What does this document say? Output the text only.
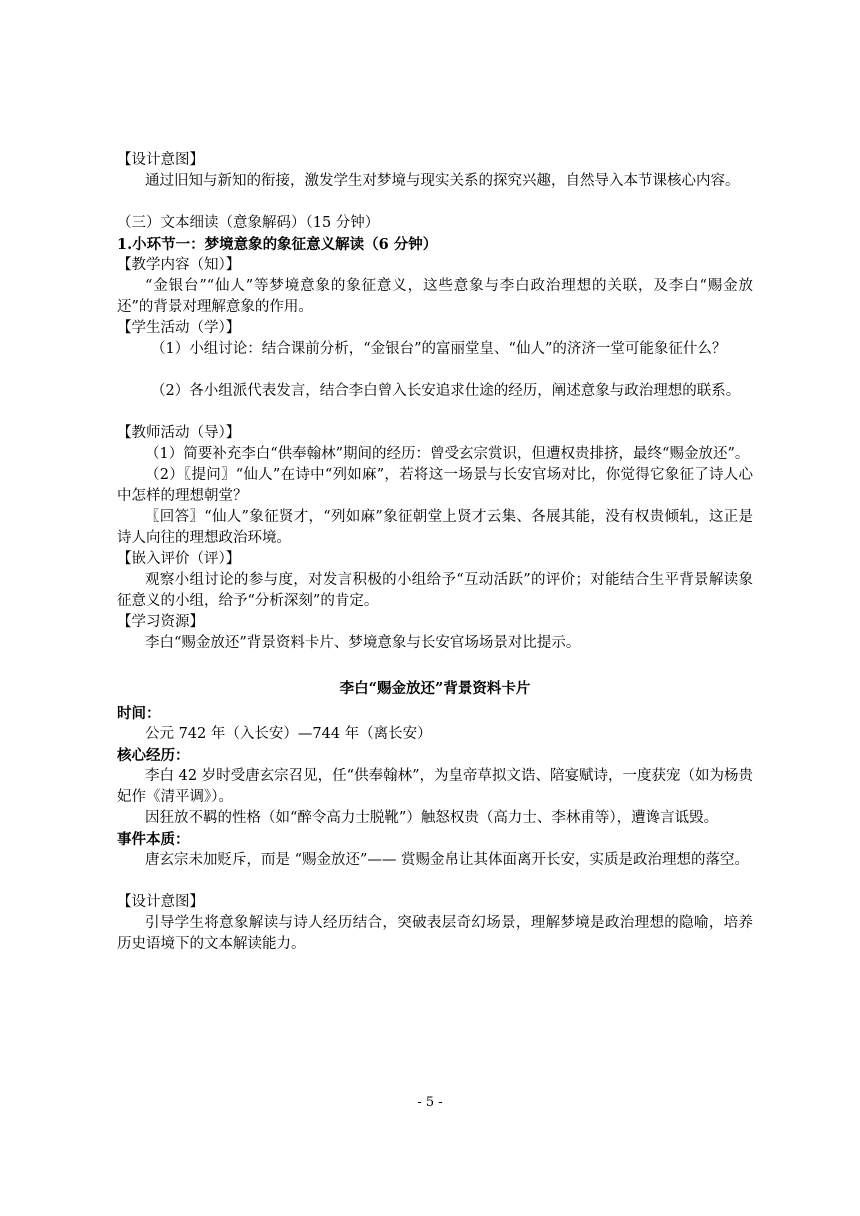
【设计意图】

通过旧知与新知的衔接，激发学生对梦境与现实关系的探究兴趣，自然导入本节课核心内容。

（三）文本细读（意象解码）（15 分钟）

1.小环节一：梦境意象的象征意义解读（6 分钟）

【教学内容（知）】

“金银台”“仙人”等梦境意象的象征意义，这些意象与李白政治理想的关联，及李白“赐金放还”的背景对理解意象的作用。

【学生活动（学）】

（1）小组讨论：结合课前分析，“金银台”的富丽堂皇、“仙人”的济济一堂可能象征什么？

（2）各小组派代表发言，结合李白曾入长安追求仕途的经历，阐述意象与政治理想的联系。

【教师活动（导）】

（1）简要补充李白“供奉翰林”期间的经历：曾受玄宗赏识，但遭权贵排挤，最终“赐金放还”。

（2）〖提问〗“仙人”在诗中“列如麻”，若将这一场景与长安官场对比，你觉得它象征了诗人心中怎样的理想朝堂？

〖回答〗“仙人”象征贤才，“列如麻”象征朝堂上贤才云集、各展其能，没有权贵倾轧，这正是诗人向往的理想政治环境。

【嵌入评价（评）】

观察小组讨论的参与度，对发言积极的小组给予“互动活跃”的评价；对能结合生平背景解读象征意义的小组，给予“分析深刻”的肯定。

【学习资源】

李白“赐金放还”背景资料卡片、梦境意象与长安官场场景对比提示。

李白“赐金放还”背景资料卡片

时间：

公元 742 年（入长安）—744 年（离长安）

核心经历：

李白 42 岁时受唐玄宗召见，任“供奉翰林”，为皇帝草拟文诰、陪宴赋诗，一度获宠（如为杨贵妃作《清平调》）。

因狂放不羁的性格（如“醉令高力士脱靴”）触怒权贵（高力士、李林甫等），遭谗言诋毁。

事件本质：

唐玄宗未加贬斥，而是 “赐金放还”—— 赏赐金帛让其体面离开长安，实质是政治理想的落空。

【设计意图】

引导学生将意象解读与诗人经历结合，突破表层奇幻场景，理解梦境是政治理想的隐喻，培养历史语境下的文本解读能力。

- 5 -
